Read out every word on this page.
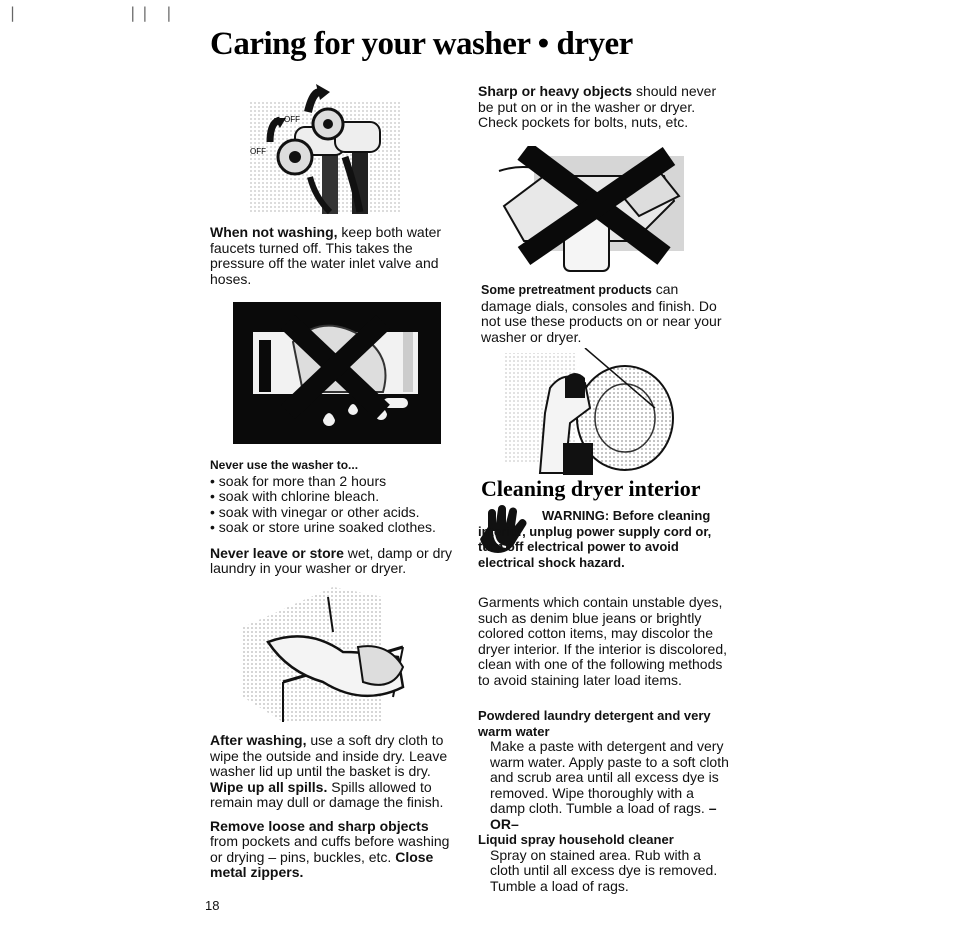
|         || |
Caring for your washer • dryer
OFF
OFF

When not washing, keep both water faucets turned off. This takes the pressure off the water inlet valve and hoses.

Never use the washer to...

• soak for more than 2 hours
• soak with chlorine bleach.
• soak with vinegar or other acids.
• soak or store urine soaked clothes.

Never leave or store wet, damp or dry laundry in your washer or dryer.

After washing, use a soft dry cloth to wipe the outside and inside dry. Leave washer lid up until the basket is dry. Wipe up all spills. Spills allowed to remain may dull or damage the finish.

Remove loose and sharp objects from pockets and cuffs before washing or drying – pins, buckles, etc. Close metal zippers.

18

Sharp or heavy objects should never be put on or in the washer or dryer. Check pockets for bolts, nuts, etc.

Some pretreatment products can damage dials, consoles and finish. Do not use these products on or near your washer or dryer.

Cleaning dryer interior

WARNING: Before cleaning interior, unplug power supply cord or, turn off electrical power to avoid electrical shock hazard.

Garments which contain unstable dyes, such as denim blue jeans or brightly colored cotton items, may discolor the dryer interior. If the interior is discolored, clean with one of the following methods to avoid staining later load items.

Powdered laundry detergent and very warm water

Make a paste with detergent and very warm water. Apply paste to a soft cloth and scrub area until all excess dye is removed. Wipe thoroughly with a damp cloth. Tumble a load of rags. –OR–

Liquid spray household cleaner

Spray on stained area. Rub with a cloth until all excess dye is removed. Tumble a load of rags.
